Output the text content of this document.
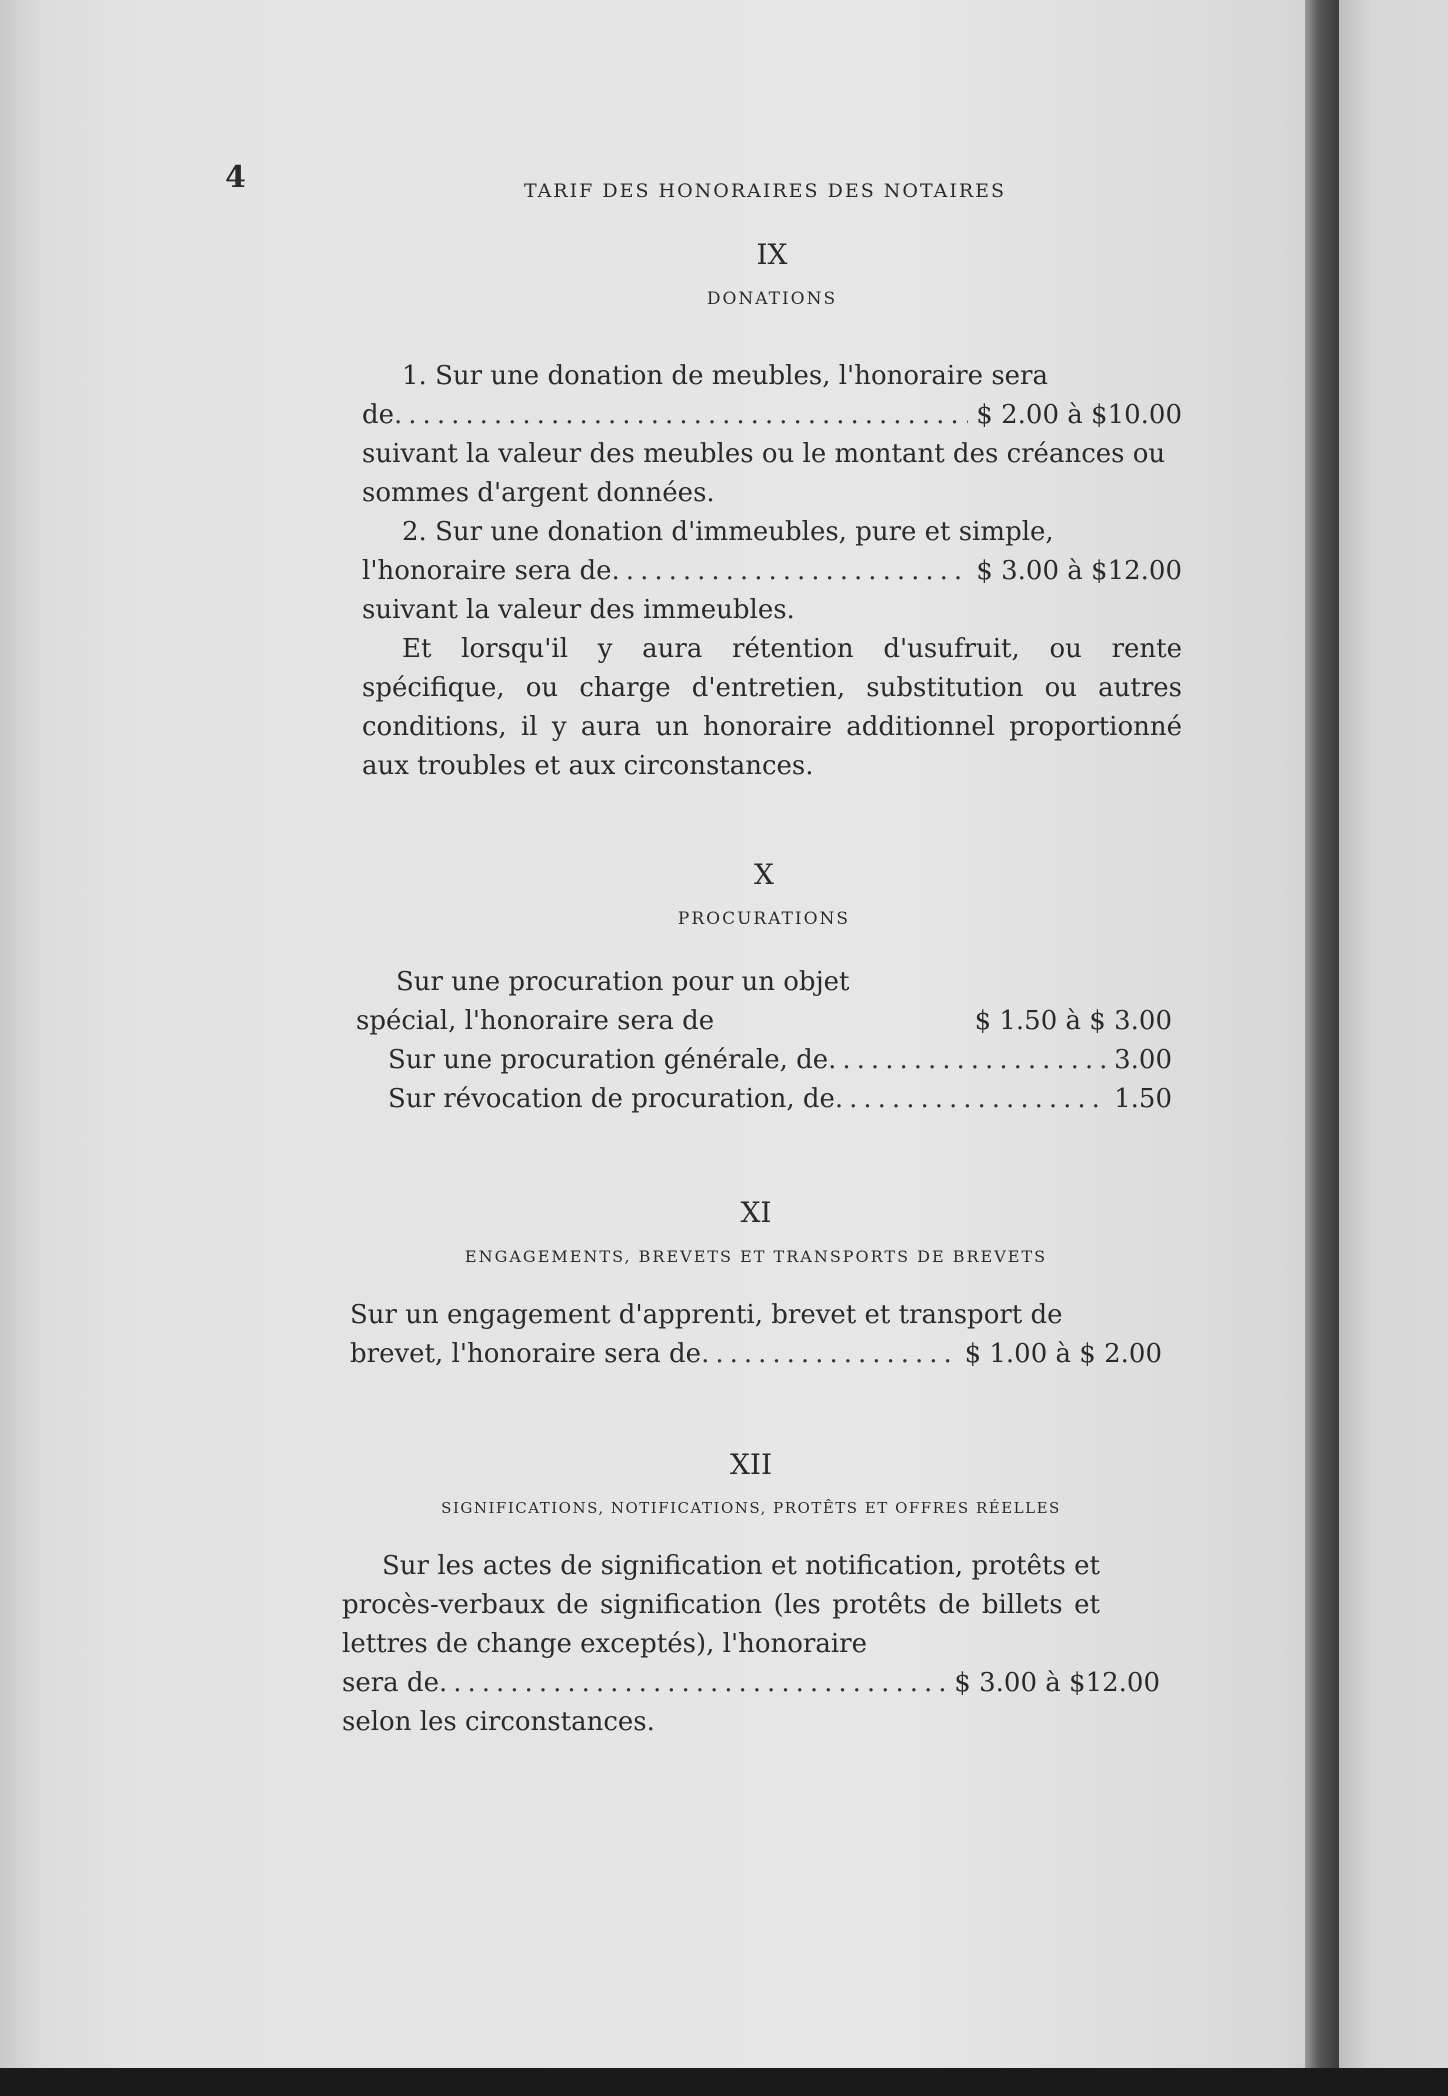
4	TARIF DES HONORAIRES DES NOTAIRES

IX

DONATIONS

1. Sur une donation de meubles, l'honoraire sera

de .....	$ 2.00 à $10.00

suivant la valeur des meubles ou le montant des créances ou sommes d'argent données.

2. Sur une donation d'immeubles, pure et simple,

l'honoraire sera de .....	$ 3.00 à $12.00

suivant la valeur des immeubles.

Et lorsqu'il y aura rétention d'usufruit, ou rente spécifique, ou charge d'entretien, substitution ou autres conditions, il y aura un honoraire additionnel proportionné aux troubles et aux circonstances.

X

PROCURATIONS

Sur une procuration pour un objet spécial, l'honoraire sera de	$ 1.50 à $ 3.00
Sur une procuration générale, de .....	3.00
Sur révocation de procuration, de .....	1.50

XI

ENGAGEMENTS, BREVETS ET TRANSPORTS DE BREVETS

Sur un engagement d'apprenti, brevet et transport de

brevet, l'honoraire sera de .....	$ 1.00 à $ 2.00

XII

SIGNIFICATIONS, NOTIFICATIONS, PROTÊTS ET OFFRES RÉELLES

Sur les actes de signification et notification, protêts et procès-verbaux de signification (les protêts de billets et lettres de change exceptés), l'honoraire

sera de .....	$ 3.00 à $12.00

selon les circonstances.
